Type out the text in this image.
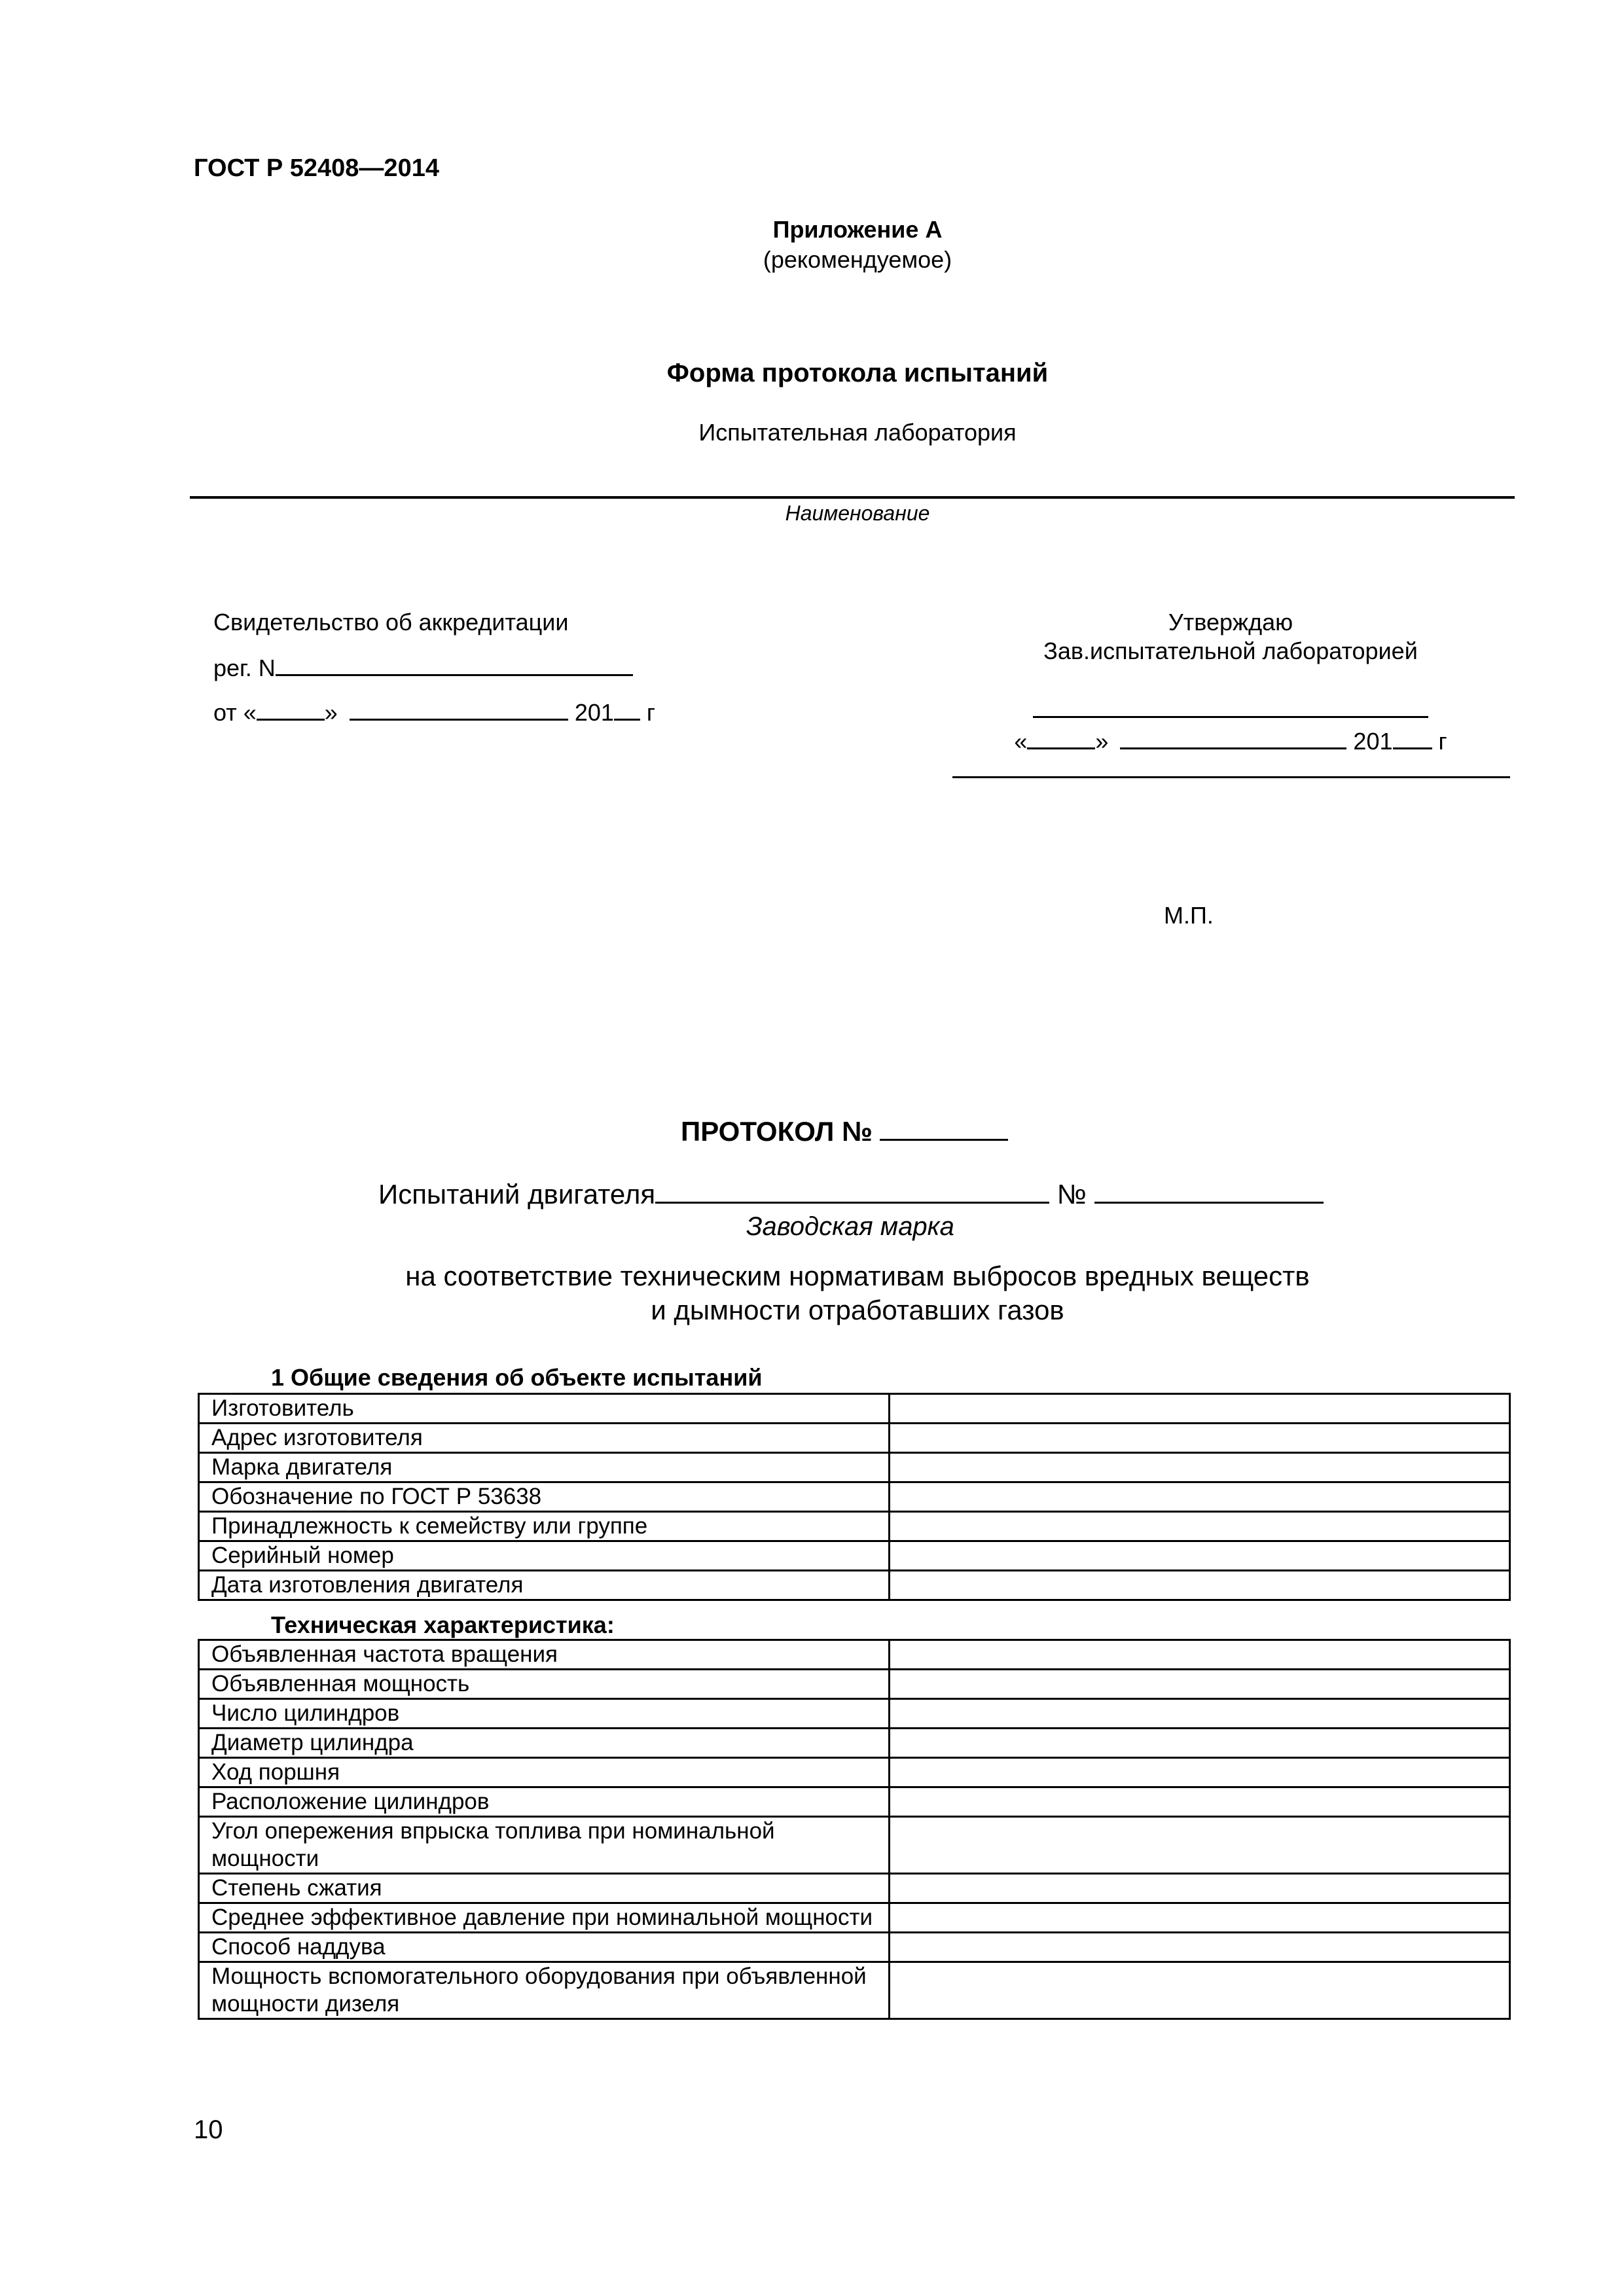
ГОСТ Р 52408—2014
Приложение А
(рекомендуемое)
Форма протокола испытаний
Испытательная лаборатория
Наименование
Свидетельство об аккредитации
рег. N
от «	»	201 г
Утверждаю
Зав.испытательной лабораторией
«	»	201 г
М.П.
ПРОТОКОЛ №
Испытаний двигателя	№
Заводская марка
на соответствие техническим нормативам выбросов вредных веществ
и дымности отработавших газов
1 Общие сведения об объекте испытаний
Изготовитель	
Адрес изготовителя	
Марка двигателя	
Обозначение по ГОСТ Р 53638	
Принадлежность к семейству или группе	
Серийный номер	
Дата изготовления двигателя	
Техническая характеристика:
Объявленная частота вращения	
Объявленная мощность	
Число цилиндров	
Диаметр цилиндра	
Ход поршня	
Расположение цилиндров	
Угол опережения впрыска топлива при номинальной мощности	
Степень сжатия	
Среднее эффективное давление при номинальной мощности	
Способ наддува	
Мощность вспомогательного оборудования при объявленной мощности дизеля	
10
